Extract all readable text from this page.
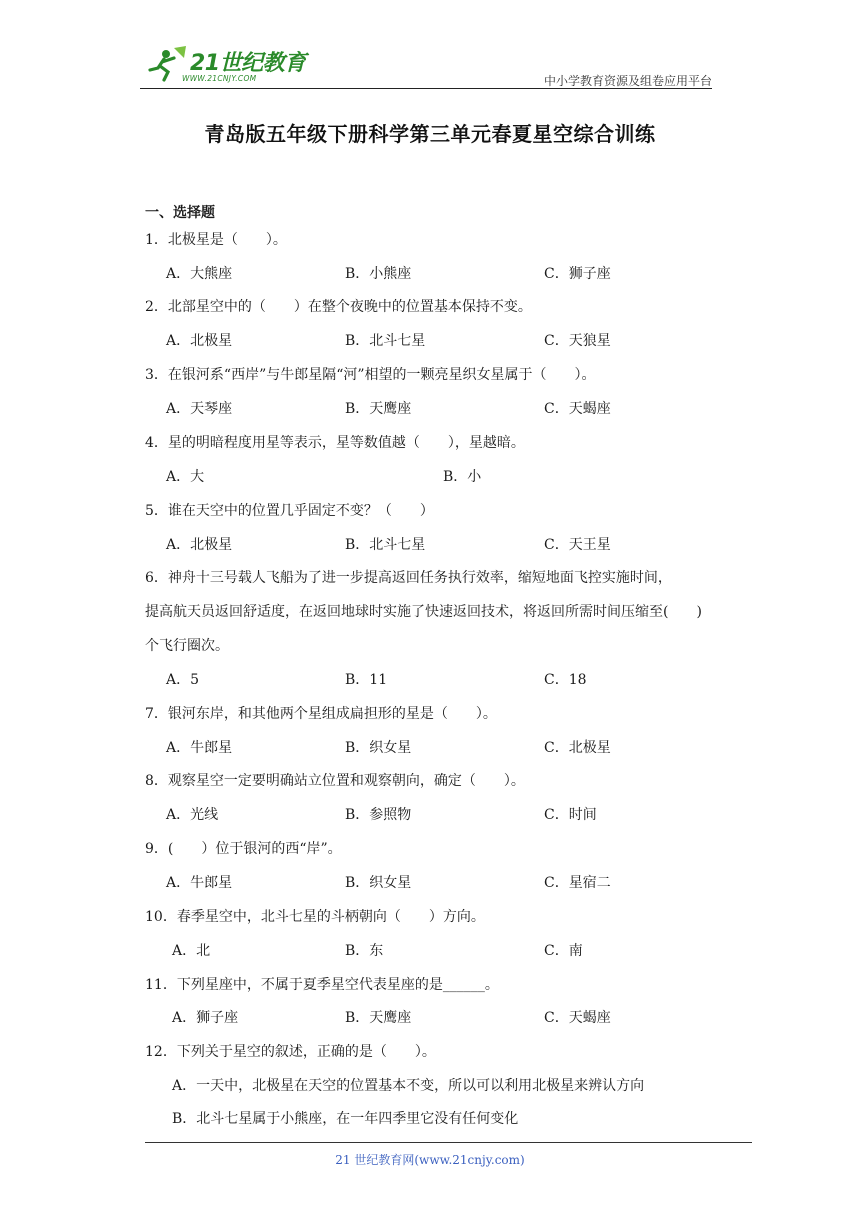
21世纪教育
WWW.21CNJY.COM	中小学教育资源及组卷应用平台
青岛版五年级下册科学第三单元春夏星空综合训练
一、选择题
1．北极星是（　　）。
A．大熊座	B．小熊座	C．狮子座
2．北部星空中的（　　）在整个夜晚中的位置基本保持不变。
A．北极星	B．北斗七星	C．天狼星
3．在银河系“西岸”与牛郎星隔“河”相望的一颗亮星织女星属于（　　）。
A．天琴座	B．天鹰座	C．天蝎座
4．星的明暗程度用星等表示，星等数值越（　　），星越暗。
A．大	B．小
5．谁在天空中的位置几乎固定不变？（　　）
A．北极星	B．北斗七星	C．天王星
6．神舟十三号载人飞船为了进一步提高返回任务执行效率，缩短地面飞控实施时间，
提高航天员返回舒适度，在返回地球时实施了快速返回技术，将返回所需时间压缩至(　　)
个飞行圈次。
A．5	B．11	C．18
7．银河东岸，和其他两个星组成扁担形的星是（　　）。
A．牛郎星	B．织女星	C．北极星
8．观察星空一定要明确站立位置和观察朝向，确定（　　）。
A．光线	B．参照物	C．时间
9．(　　）位于银河的西“岸”。
A．牛郎星	B．织女星	C．星宿二
10．春季星空中，北斗七星的斗柄朝向（　　）方向。
A．北	B．东	C．南
11．下列星座中，不属于夏季星空代表星座的是______。
A．狮子座	B．天鹰座	C．天蝎座
12．下列关于星空的叙述，正确的是（　　）。
A．一天中，北极星在天空的位置基本不变，所以可以利用北极星来辨认方向
B．北斗七星属于小熊座，在一年四季里它没有任何变化
21 世纪教育网(www.21cnjy.com)
